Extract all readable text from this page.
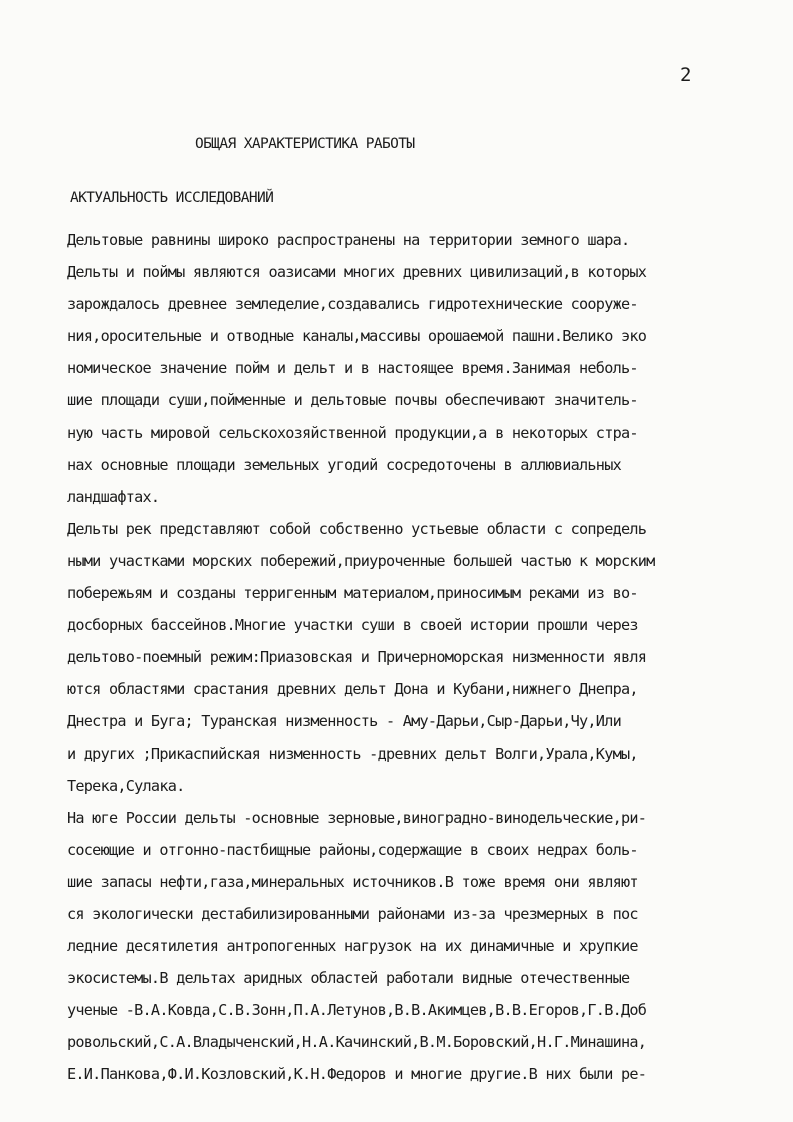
2
ОБЩАЯ ХАРАКТЕРИСТИКА РАБОТЫ
АКТУАЛЬНОСТЬ ИССЛЕДОВАНИЙ
Дельтовые равнины широко распространены на территории земного шара.
Дельты и поймы являются оазисами многих древних цивилизаций,в которых
зарождалось древнее земледелие,создавались гидротехнические сооруже-
ния,оросительные и отводные каналы,массивы орошаемой пашни.Велико эко
номическое значение пойм и дельт и в настоящее время.Занимая неболь-
шие площади суши,пойменные и дельтовые почвы обеспечивают значитель-
ную часть мировой сельскохозяйственной продукции,а в некоторых стра-
нах основные площади земельных угодий сосредоточены в аллювиальных
ландшафтах.
Дельты рек представляют собой собственно устьевые области с сопредель
ными участками морских побережий,приуроченные большей частью к морским
побережьям и созданы терригенным материалом,приносимым реками из во-
досборных бассейнов.Многие участки суши в своей истории прошли через
дельтово-поемный режим:Приазовская и Причерноморская низменности явля
ются областями срастания древних дельт Дона и Кубани,нижнего Днепра,
Днестра и Буга; Туранская низменность - Аму-Дарьи,Сыр-Дарьи,Чу,Или
и других ;Прикаспийская низменность -древних дельт Волги,Урала,Кумы,
Терека,Сулака.
На юге России дельты -основные зерновые,виноградно-винодельческие,ри-
сосеющие и отгонно-пастбищные районы,содержащие в своих недрах боль-
шие запасы нефти,газа,минеральных источников.В тоже время они являют
ся экологически дестабилизированными районами из-за чрезмерных в пос
ледние десятилетия антропогенных нагрузок на их динамичные и хрупкие
экосистемы.В дельтах аридных областей работали видные отечественные
ученые -В.А.Ковда,С.В.Зонн,П.А.Летунов,В.В.Акимцев,В.В.Егоров,Г.В.Доб
ровольский,С.А.Владыченский,Н.А.Качинский,В.М.Боровский,Н.Г.Минашина,
Е.И.Панкова,Ф.И.Козловский,К.Н.Федоров и многие другие.В них были ре-
